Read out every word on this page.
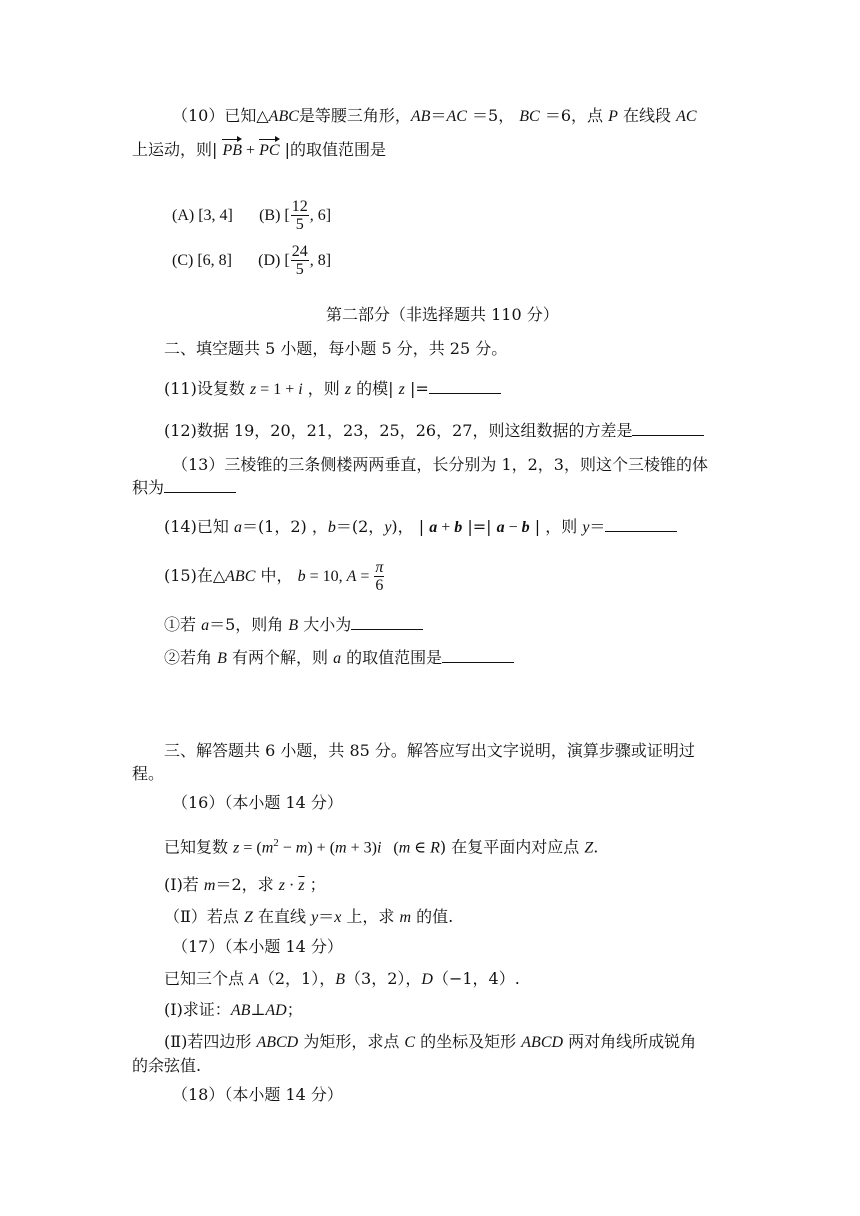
（10）已知△ABC是等腰三角形，AB＝AC ＝5， BC ＝6，点 P 在线段 AC
上运动，则| PB + PC |的取值范围是
(A) [3, 4] (B) [ $\frac{12}{5}$ , 6]
(C) [6, 8] (D) [ $\frac{24}{5}$ , 8]
第二部分（非选择题共 110 分）
二、填空题共 5 小题，每小题 5 分，共 25 分。
(11)设复数 z = 1 + i ，则 z 的模| z |=
(12)数据 19，20，21，23，25，26，27，则这组数据的方差是
（13）三棱锥的三条侧楼两两垂直，长分别为 1，2，3，则这个三棱锥的体
积为
(14)已知 a＝(1，2) ，b＝(2，y)， | a + b |=| a − b | ，则 y＝
(15)在△ABC 中， b = 10, $A = \frac{\pi}{6}$
①若 a＝5，则角 B 大小为
②若角 B 有两个解，则 a 的取值范围是
三、解答题共 6 小题，共 85 分。解答应写出文字说明，演算步骤或证明过
程。
（16）（本小题 14 分）
已知复数 $z = (m^2 - m) + (m + 3)i$   (m ∈ R) 在复平面内对应点 Z.
(Ⅰ)若 m＝2，求 $z \cdot \overline{z}$ ；
（Ⅱ）若点 Z 在直线 y＝x 上，求 m 的值.
（17）（本小题 14 分）
已知三个点 A（2，1），B（3，2），D（−1，4）.
(Ⅰ)求证：AB⊥AD；
(Ⅱ)若四边形 ABCD 为矩形，求点 C 的坐标及矩形 ABCD 两对角线所成锐角
的余弦值.
（18）（本小题 14 分）
